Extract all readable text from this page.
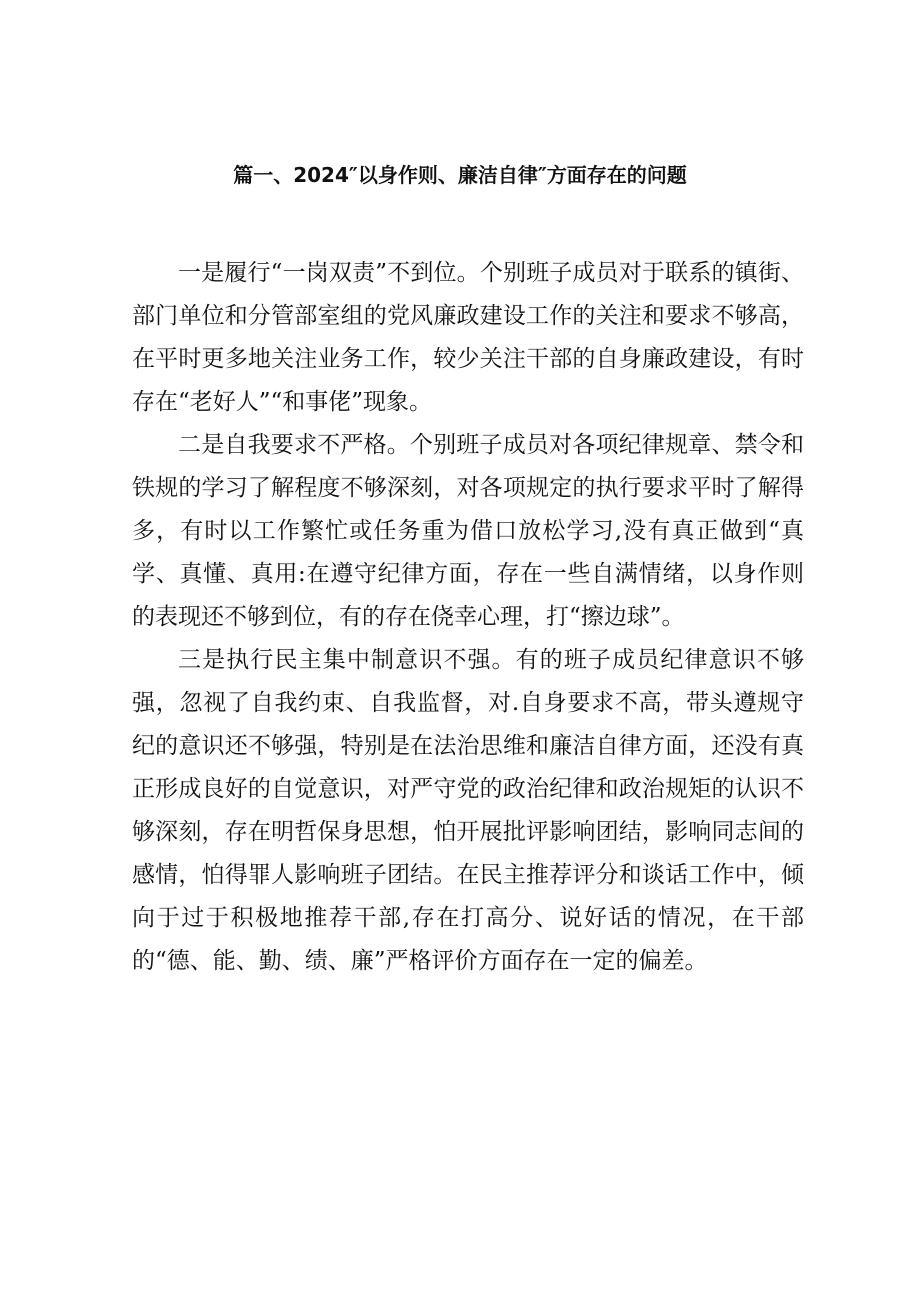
篇一、2024″以身作则、廉洁自律″方面存在的问题

一是履行“一岗双责”不到位。个别班子成员对于联系的镇街、部门单位和分管部室组的党风廉政建设工作的关注和要求不够高，在平时更多地关注业务工作，较少关注干部的自身廉政建设，有时存在“老好人”“和事佬”现象。

二是自我要求不严格。个别班子成员对各项纪律规章、禁令和铁规的学习了解程度不够深刻，对各项规定的执行要求平时了解得多，有时以工作繁忙或任务重为借口放松学习,没有真正做到“真学、真懂、真用:在遵守纪律方面，存在一些自满情绪，以身作则的表现还不够到位，有的存在侥幸心理，打“擦边球”。

三是执行民主集中制意识不强。有的班子成员纪律意识不够强，忽视了自我约束、自我监督，对.自身要求不高，带头遵规守纪的意识还不够强，特别是在法治思维和廉洁自律方面，还没有真正形成良好的自觉意识，对严守党的政治纪律和政治规矩的认识不够深刻，存在明哲保身思想，怕开展批评影响团结，影响同志间的感情，怕得罪人影响班子团结。在民主推荐评分和谈话工作中，倾向于过于积极地推荐干部,存在打高分、说好话的情况，在干部的“德、能、勤、绩、廉”严格评价方面存在一定的偏差。
